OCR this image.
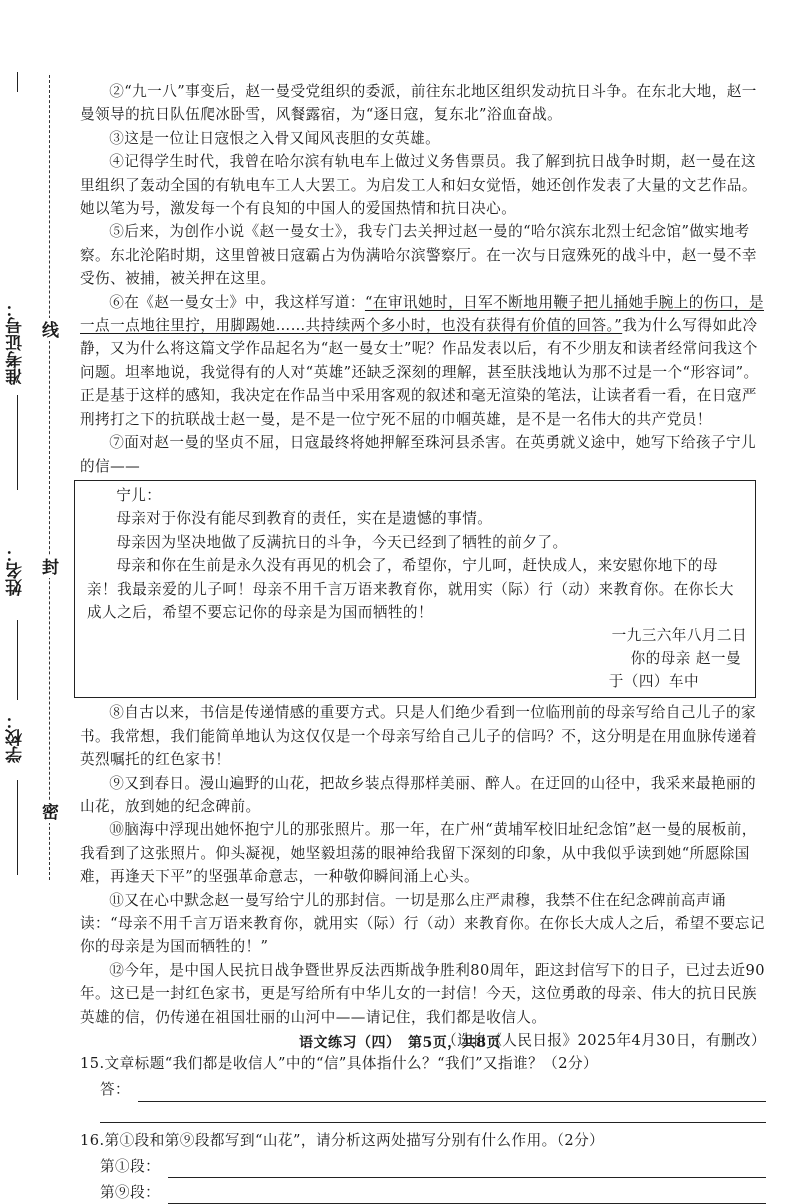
准考证号：
姓名：
学校：
线
封
密

②“九一八”事变后，赵一曼受党组织的委派，前往东北地区组织发动抗日斗争。在东北大地，赵一曼领导的抗日队伍爬冰卧雪，风餐露宿，为“逐日寇，复东北”浴血奋战。

③这是一位让日寇恨之入骨又闻风丧胆的女英雄。

④记得学生时代，我曾在哈尔滨有轨电车上做过义务售票员。我了解到抗日战争时期，赵一曼在这里组织了轰动全国的有轨电车工人大罢工。为启发工人和妇女觉悟，她还创作发表了大量的文艺作品。她以笔为号，激发每一个有良知的中国人的爱国热情和抗日决心。

⑤后来，为创作小说《赵一曼女士》，我专门去关押过赵一曼的“哈尔滨东北烈士纪念馆”做实地考察。东北沦陷时期，这里曾被日寇霸占为伪满哈尔滨警察厅。在一次与日寇殊死的战斗中，赵一曼不幸受伤、被捕，被关押在这里。

⑥在《赵一曼女士》中，我这样写道：“在审讯她时，日军不断地用鞭子把儿捅她手腕上的伤口，是一点一点地往里拧，用脚踢她……共持续两个多小时，也没有获得有价值的回答。”我为什么写得如此冷静，又为什么将这篇文学作品起名为“赵一曼女士”呢？作品发表以后，有不少朋友和读者经常问我这个问题。坦率地说，我觉得有的人对“英雄”还缺乏深刻的理解，甚至肤浅地认为那不过是一个“形容词”。正是基于这样的感知，我决定在作品当中采用客观的叙述和毫无渲染的笔法，让读者看一看，在日寇严刑拷打之下的抗联战士赵一曼，是不是一位宁死不屈的巾帼英雄，是不是一名伟大的共产党员！

⑦面对赵一曼的坚贞不屈，日寇最终将她押解至珠河县杀害。在英勇就义途中，她写下给孩子宁儿的信——

宁儿：

母亲对于你没有能尽到教育的责任，实在是遗憾的事情。

母亲因为坚决地做了反满抗日的斗争，今天已经到了牺牲的前夕了。

母亲和你在生前是永久没有再见的机会了，希望你，宁儿呵，赶快成人，来安慰你地下的母亲！我最亲爱的儿子呵！母亲不用千言万语来教育你，就用实（际）行（动）来教育你。在你长大成人之后，希望不要忘记你的母亲是为国而牺牲的！

一九三六年八月二日

你的母亲 赵一曼

于（四）车中

⑧自古以来，书信是传递情感的重要方式。只是人们绝少看到一位临刑前的母亲写给自己儿子的家书。我常想，我们能简单地认为这仅仅是一个母亲写给自己儿子的信吗？不，这分明是在用血脉传递着英烈嘱托的红色家书！

⑨又到春日。漫山遍野的山花，把故乡装点得那样美丽、醉人。在迂回的山径中，我采来最艳丽的山花，放到她的纪念碑前。

⑩脑海中浮现出她怀抱宁儿的那张照片。那一年，在广州“黄埔军校旧址纪念馆”赵一曼的展板前，我看到了这张照片。仰头凝视，她坚毅坦荡的眼神给我留下深刻的印象，从中我似乎读到她“所愿除国难，再逢天下平”的坚强革命意志，一种敬仰瞬间涌上心头。

⑪又在心中默念赵一曼写给宁儿的那封信。一切是那么庄严肃穆，我禁不住在纪念碑前高声诵读：“母亲不用千言万语来教育你，就用实（际）行（动）来教育你。在你长大成人之后，希望不要忘记你的母亲是为国而牺牲的！”

⑫今年，是中国人民抗日战争暨世界反法西斯战争胜利80周年，距这封信写下的日子，已过去近90年。这已是一封红色家书，更是写给所有中华儿女的一封信！今天，这位勇敢的母亲、伟大的抗日民族英雄的信，仍传递在祖国壮丽的山河中——请记住，我们都是收信人。

（选自《人民日报》2025年4月30日，有删改）

15.文章标题“我们都是收信人”中的“信”具体指什么？“我们”又指谁？（2分）

答：

16.第①段和第⑨段都写到“山花”，请分析这两处描写分别有什么作用。（2分）

第①段：
第⑨段：
语文练习（四）　第5页，共8页
